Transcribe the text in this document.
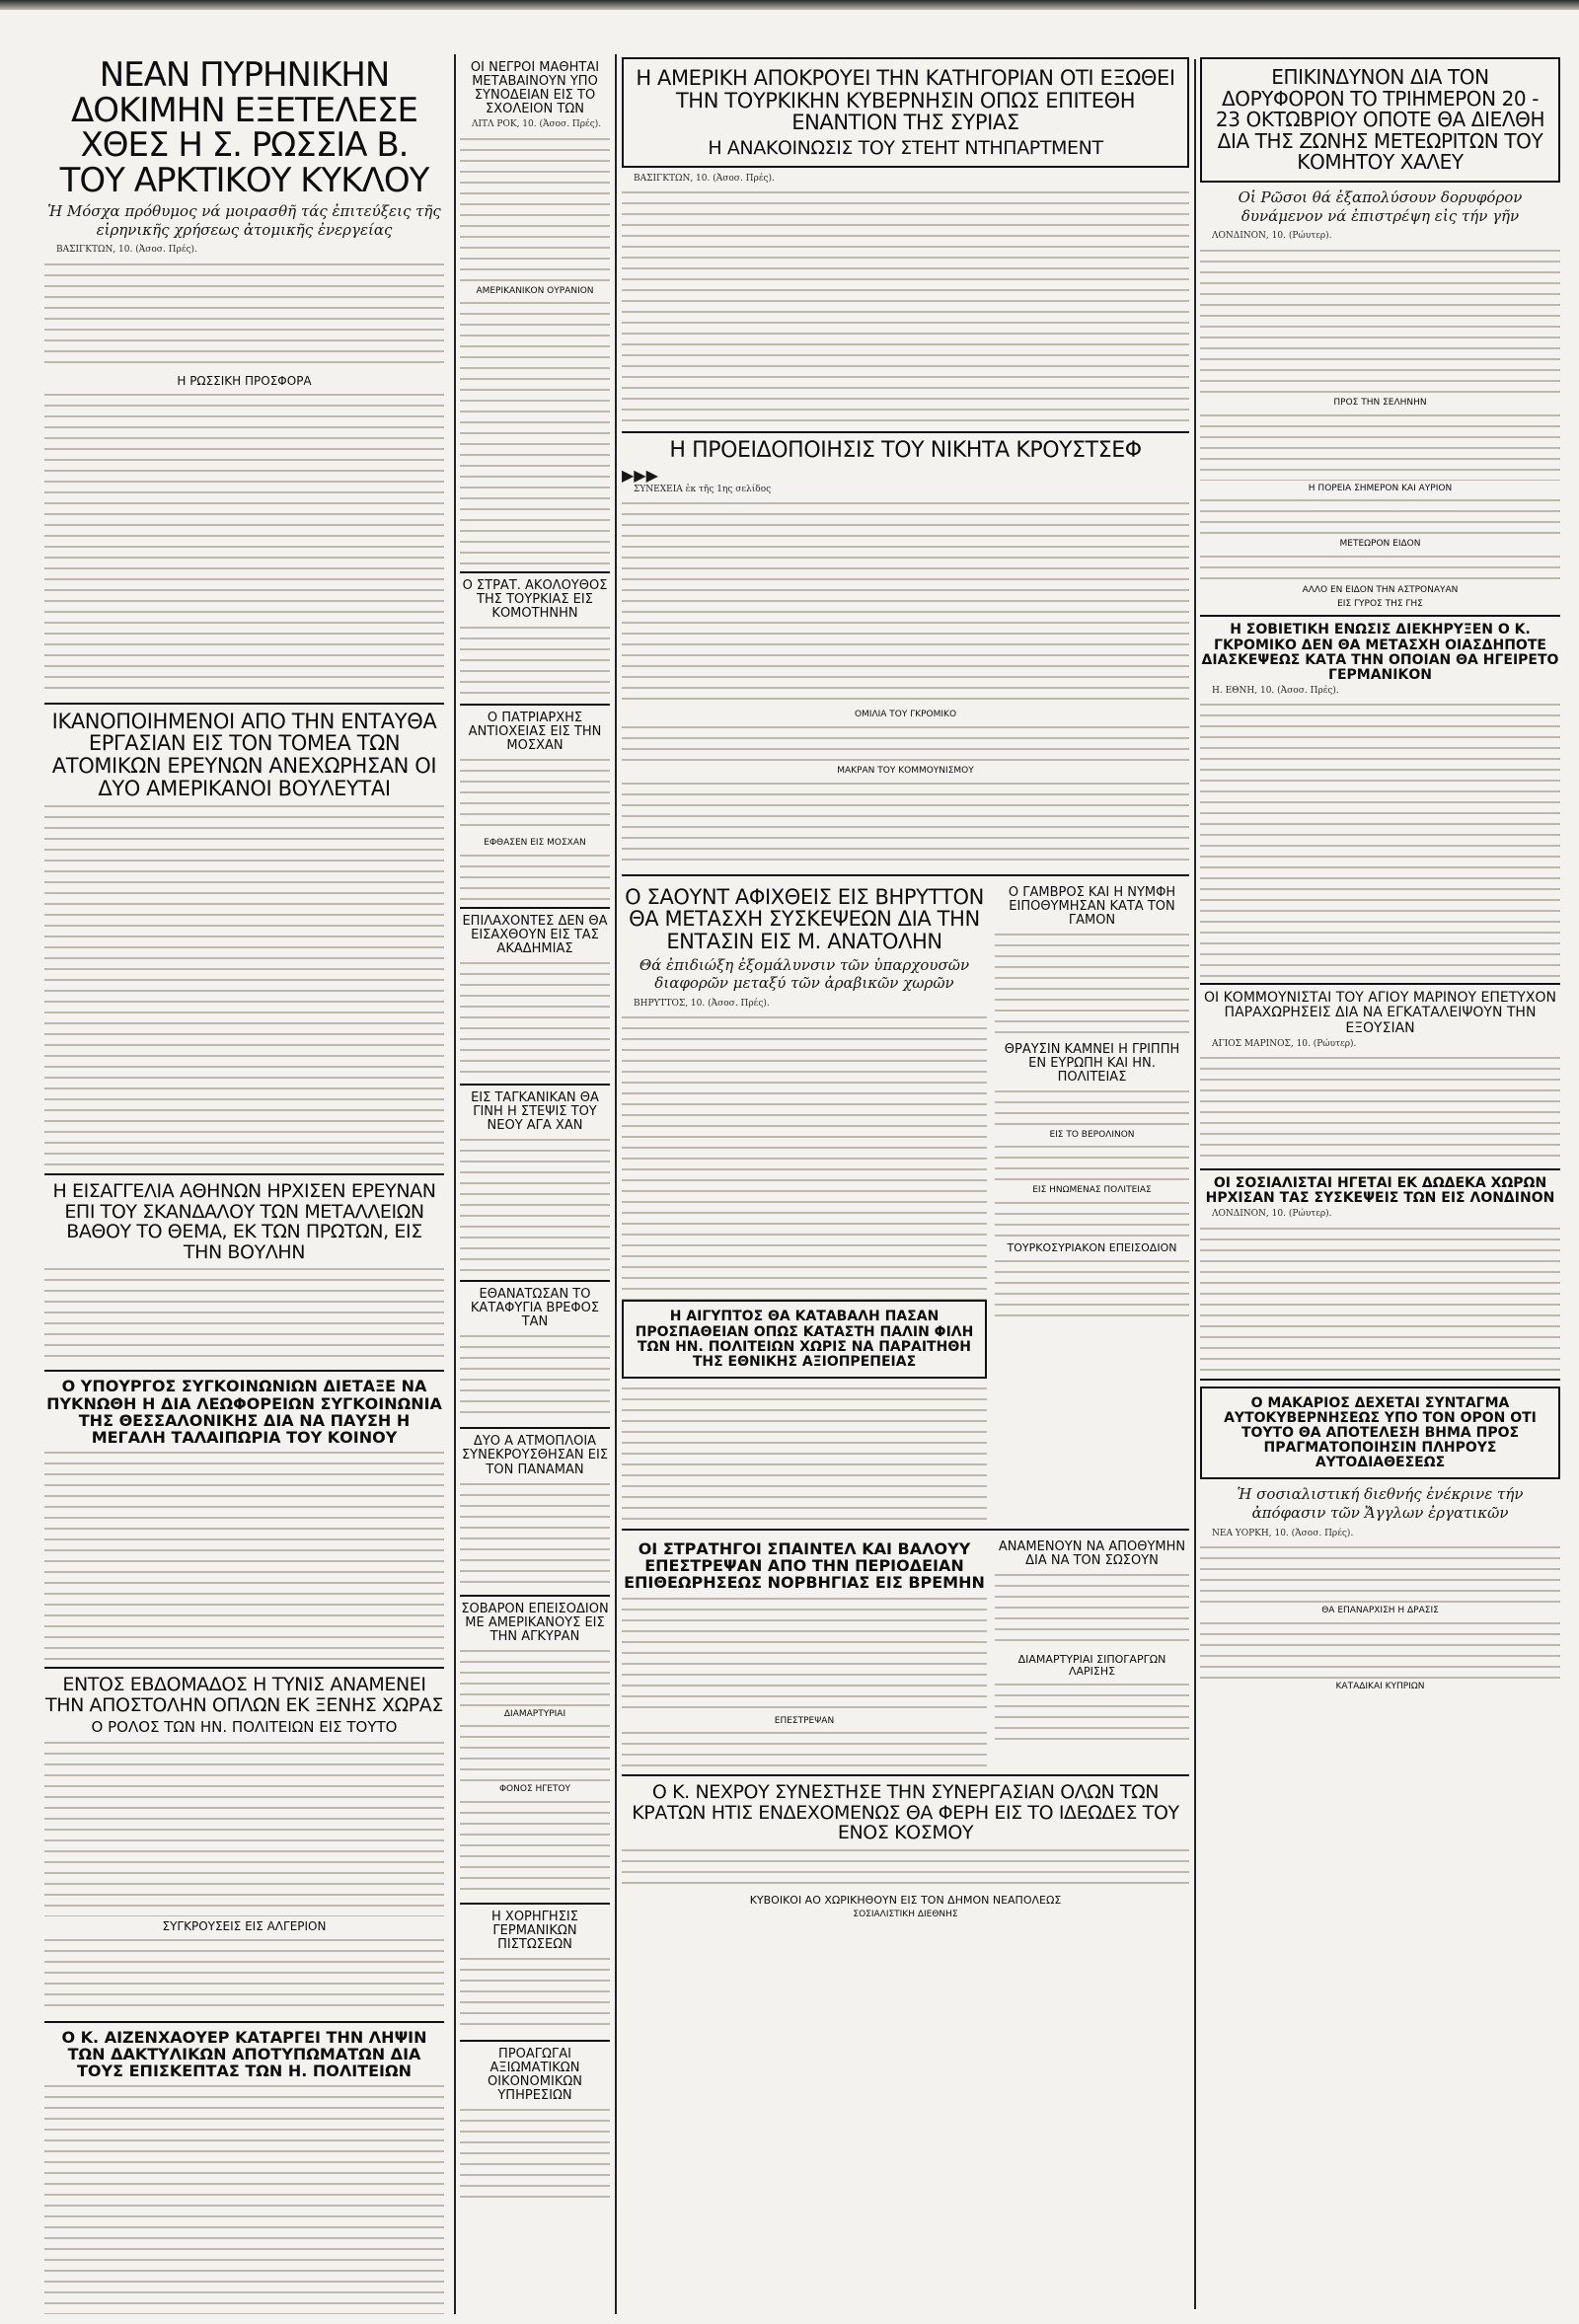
ΝΕΑΝ ΠΥΡΗΝΙΚΗΝ ΔΟΚΙΜΗΝ ΕΞΕΤΕΛΕΣΕ ΧΘΕΣ Η Σ. ΡΩΣΣΙΑ Β. ΤΟΥ ΑΡΚΤΙΚΟΥ ΚΥΚΛΟΥ
Ἡ Μόσχα πρόθυμος νά μοιρασθῆ τάς ἐπιτεύξεις τῆς εἰρηνικῆς χρήσεως ἀτομικῆς ἐνεργείας

ΒΑΣΙΓΚΤΩΝ, 10. (Ἀσοσ. Πρές).

Η ΡΩΣΣΙΚΗ ΠΡΟΣΦΟΡΑ
ΙΚΑΝΟΠΟΙΗΜΕΝΟΙ ΑΠΟ ΤΗΝ ΕΝΤΑΥΘΑ ΕΡΓΑΣΙΑΝ ΕΙΣ ΤΟΝ ΤΟΜΕΑ ΤΩΝ ΑΤΟΜΙΚΩΝ ΕΡΕΥΝΩΝ ΑΝΕΧΩΡΗΣΑΝ ΟΙ ΔΥΟ ΑΜΕΡΙΚΑΝΟΙ ΒΟΥΛΕΥΤΑΙ
Η ΕΙΣΑΓΓΕΛΙΑ ΑΘΗΝΩΝ ΗΡΧΙΣΕΝ ΕΡΕΥΝΑΝ ΕΠΙ ΤΟΥ ΣΚΑΝΔΑΛΟΥ ΤΩΝ ΜΕΤΑΛΛΕΙΩΝ ΒΑΘΟΥ ΤΟ ΘΕΜΑ, ΕΚ ΤΩΝ ΠΡΩΤΩΝ, ΕΙΣ ΤΗΝ ΒΟΥΛΗΝ
Ο ΥΠΟΥΡΓΟΣ ΣΥΓΚΟΙΝΩΝΙΩΝ ΔΙΕΤΑΞΕ ΝΑ ΠΥΚΝΩΘΗ Η ΔΙΑ ΛΕΩΦΟΡΕΙΩΝ ΣΥΓΚΟΙΝΩΝΙΑ ΤΗΣ ΘΕΣΣΑΛΟΝΙΚΗΣ ΔΙΑ ΝΑ ΠΑΥΣΗ Η ΜΕΓΑΛΗ ΤΑΛΑΙΠΩΡΙΑ ΤΟΥ ΚΟΙΝΟΥ
ΕΝΤΟΣ ΕΒΔΟΜΑΔΟΣ Η ΤΥΝΙΣ ΑΝΑΜΕΝΕΙ ΤΗΝ ΑΠΟΣΤΟΛΗΝ ΟΠΛΩΝ ΕΚ ΞΕΝΗΣ ΧΩΡΑΣ
Ο ΡΟΛΟΣ ΤΩΝ ΗΝ. ΠΟΛΙΤΕΙΩΝ ΕΙΣ ΤΟΥΤΟ
ΣΥΓΚΡΟΥΣΕΙΣ ΕΙΣ ΑΛΓΕΡΙΟΝ
Ο Κ. ΑΙΖΕΝΧΑΟΥΕΡ ΚΑΤΑΡΓΕΙ ΤΗΝ ΛΗΨΙΝ ΤΩΝ ΔΑΚΤΥΛΙΚΩΝ ΑΠΟΤΥΠΩΜΑΤΩΝ ΔΙΑ ΤΟΥΣ ΕΠΙΣΚΕΠΤΑΣ ΤΩΝ Η. ΠΟΛΙΤΕΙΩΝ
ΟΙ ΝΕΓΡΟΙ ΜΑΘΗΤΑΙ ΜΕΤΑΒΑΙΝΟΥΝ ΥΠΟ ΣΥΝΟΔΕΙΑΝ ΕΙΣ ΤΟ ΣΧΟΛΕΙΟΝ ΤΩΝ

ΛΙΤΛ ΡΟΚ, 10. (Ἀσοσ. Πρές).

ΑΜΕΡΙΚΑΝΙΚΟΝ ΟΥΡΑΝΙΟΝ
Ο ΣΤΡΑΤ. ΑΚΟΛΟΥΘΟΣ ΤΗΣ ΤΟΥΡΚΙΑΣ ΕΙΣ ΚΟΜΟΤΗΝΗΝ
Ο ΠΑΤΡΙΑΡΧΗΣ ΑΝΤΙΟΧΕΙΑΣ ΕΙΣ ΤΗΝ ΜΟΣΧΑΝ
ΕΦΘΑΣΕΝ ΕΙΣ ΜΟΣΧΑΝ
ΕΠΙΛΑΧΟΝΤΕΣ ΔΕΝ ΘΑ ΕΙΣΑΧΘΟΥΝ ΕΙΣ ΤΑΣ ΑΚΑΔΗΜΙΑΣ
ΕΙΣ ΤΑΓΚΑΝΙΚΑΝ ΘΑ ΓΙΝΗ Η ΣΤΕΨΙΣ ΤΟΥ ΝΕΟΥ ΑΓΑ ΧΑΝ
ΕΘΑΝΑΤΩΣΑΝ ΤΟ ΚΑΤΑΦΥΓΙΑ ΒΡΕΦΟΣ ΤΑΝ
ΔΥΟ Α ΑΤΜΟΠΛΟΙΑ ΣΥΝΕΚΡΟΥΣΘΗΣΑΝ ΕΙΣ ΤΟΝ ΠΑΝΑΜΑΝ
ΣΟΒΑΡΟΝ ΕΠΕΙΣΟΔΙΟΝ ΜΕ ΑΜΕΡΙΚΑΝΟΥΣ ΕΙΣ ΤΗΝ ΑΓΚΥΡΑΝ
ΔΙΑΜΑΡΤΥΡΙΑΙ
ΦΟΝΟΣ ΗΓΕΤΟΥ
Η ΧΟΡΗΓΗΣΙΣ ΓΕΡΜΑΝΙΚΩΝ ΠΙΣΤΩΣΕΩΝ
ΠΡΟΑΓΩΓΑΙ ΑΞΙΩΜΑΤΙΚΩΝ ΟΙΚΟΝΟΜΙΚΩΝ ΥΠΗΡΕΣΙΩΝ
Η ΑΜΕΡΙΚΗ ΑΠΟΚΡΟΥΕΙ ΤΗΝ ΚΑΤΗΓΟΡΙΑΝ ΟΤΙ ΕΞΩΘΕΙ ΤΗΝ ΤΟΥΡΚΙΚΗΝ ΚΥΒΕΡΝΗΣΙΝ ΟΠΩΣ ΕΠΙΤΕΘΗ ΕΝΑΝΤΙΟΝ ΤΗΣ ΣΥΡΙΑΣ
Η ΑΝΑΚΟΙΝΩΣΙΣ ΤΟΥ ΣΤΕΗΤ ΝΤΗΠΑΡΤΜΕΝΤ

ΒΑΣΙΓΚΤΩΝ, 10. (Ἀσοσ. Πρές).

Η ΠΡΟΕΙΔΟΠΟΙΗΣΙΣ ΤΟΥ ΝΙΚΗΤΑ ΚΡΟΥΣΤΣΕΦ
▶▶▶

ΣΥΝΕΧΕΙΑ ἐκ τῆς 1ης σελίδος

ΟΜΙΛΙΑ ΤΟΥ ΓΚΡΟΜΙΚΟ
ΜΑΚΡΑΝ ΤΟΥ ΚΟΜΜΟΥΝΙΣΜΟΥ
Ο ΣΑΟΥΝΤ ΑΦΙΧΘΕΙΣ ΕΙΣ ΒΗΡΥΤΤΟΝ ΘΑ ΜΕΤΑΣΧΗ ΣΥΣΚΕΨΕΩΝ ΔΙΑ ΤΗΝ ΕΝΤΑΣΙΝ ΕΙΣ Μ. ΑΝΑΤΟΛΗΝ
Θά ἐπιδιώξη ἐξομάλυνσιν τῶν ὑπαρχουσῶν διαφορῶν μεταξύ τῶν ἀραβικῶν χωρῶν

ΒΗΡΥΤΤΟΣ, 10. (Ἀσοσ. Πρές).

Η ΑΙΓΥΠΤΟΣ ΘΑ ΚΑΤΑΒΑΛΗ ΠΑΣΑΝ ΠΡΟΣΠΑΘΕΙΑΝ ΟΠΩΣ ΚΑΤΑΣΤΗ ΠΑΛΙΝ ΦΙΛΗ ΤΩΝ ΗΝ. ΠΟΛΙΤΕΙΩΝ ΧΩΡΙΣ ΝΑ ΠΑΡΑΙΤΗΘΗ ΤΗΣ ΕΘΝΙΚΗΣ ΑΞΙΟΠΡΕΠΕΙΑΣ
Ο ΓΑΜΒΡΟΣ ΚΑΙ Η ΝΥΜΦΗ ΕΙΠΟΘΥΜΗΣΑΝ ΚΑΤΑ ΤΟΝ ΓΑΜΟΝ
ΘΡΑΥΣΙΝ ΚΑΜΝΕΙ Η ΓΡΙΠΠΗ ΕΝ ΕΥΡΩΠΗ ΚΑΙ ΗΝ. ΠΟΛΙΤΕΙΑΣ
ΕΙΣ ΤΟ ΒΕΡΟΛΙΝΟΝ
ΕΙΣ ΗΝΩΜΕΝΑΣ ΠΟΛΙΤΕΙΑΣ
ΤΟΥΡΚΟΣΥΡΙΑΚΟΝ ΕΠΕΙΣΟΔΙΟΝ
ΟΙ ΣΤΡΑΤΗΓΟΙ ΣΠΑΙΝΤΕΛ ΚΑΙ ΒΑΛΟΥΥ ΕΠΕΣΤΡΕΨΑΝ ΑΠΟ ΤΗΝ ΠΕΡΙΟΔΕΙΑΝ ΕΠΙΘΕΩΡΗΣΕΩΣ ΝΟΡΒΗΓΙΑΣ ΕΙΣ ΒΡΕΜΗΝ
ΕΠΕΣΤΡΕΨΑΝ
ΑΝΑΜΕΝΟΥΝ ΝΑ ΑΠΟΘΥΜΗΝ ΔΙΑ ΝΑ ΤΟΝ ΣΩΣΟΥΝ
ΔΙΑΜΑΡΤΥΡΙΑΙ ΣΙΠΟΓΑΡΓΩΝ ΛΑΡΙΣΗΣ
Ο Κ. ΝΕΧΡΟΥ ΣΥΝΕΣΤΗΣΕ ΤΗΝ ΣΥΝΕΡΓΑΣΙΑΝ ΟΛΩΝ ΤΩΝ ΚΡΑΤΩΝ ΗΤΙΣ ΕΝΔΕΧΟΜΕΝΩΣ ΘΑ ΦΕΡΗ ΕΙΣ ΤΟ ΙΔΕΩΔΕΣ ΤΟΥ ΕΝΟΣ ΚΟΣΜΟΥ
ΚΥΒΟΙΚΟΙ ΑΟ ΧΩΡΙΚΗΘΟΥΝ ΕΙΣ ΤΟΝ ΔΗΜΟΝ ΝΕΑΠΟΛΕΩΣ
ΣΟΣΙΑΛΙΣΤΙΚΗ ΔΙΕΘΝΗΣ
ΕΠΙΚΙΝΔΥΝΟΝ ΔΙΑ ΤΟΝ ΔΟΡΥΦΟΡΟΝ ΤΟ ΤΡΙΗΜΕΡΟΝ 20 - 23 ΟΚΤΩΒΡΙΟΥ ΟΠΟΤΕ ΘΑ ΔΙΕΛΘΗ ΔΙΑ ΤΗΣ ΖΩΝΗΣ ΜΕΤΕΩΡΙΤΩΝ ΤΟΥ ΚΟΜΗΤΟΥ ΧΑΛΕΥ
Οἱ Ρῶσοι θά ἐξαπολύσουν δορυφόρον δυνάμενον νά ἐπιστρέψη εἰς τήν γῆν

ΛΟΝΔΙΝΟΝ, 10. (Ρώυτερ).

ΠΡΟΣ ΤΗΝ ΣΕΛΗΝΗΝ
Η ΠΟΡΕΙΑ ΣΗΜΕΡΟΝ ΚΑΙ ΑΥΡΙΟΝ
ΜΕΤΕΩΡΟΝ ΕΙΔΟΝ
ΑΛΛΟ ΕΝ ΕΙΔΟΝ ΤΗΝ ΑΣΤΡΟΝΑΥΑΝ
ΕΙΣ ΓΥΡΟΣ ΤΗΣ ΓΗΣ
Η ΣΟΒΙΕΤΙΚΗ ΕΝΩΣΙΣ ΔΙΕΚΗΡΥΞΕΝ Ο Κ. ΓΚΡΟΜΙΚΟ ΔΕΝ ΘΑ ΜΕΤΑΣΧΗ ΟΙΑΣΔΗΠΟΤΕ ΔΙΑΣΚΕΨΕΩΣ ΚΑΤΑ ΤΗΝ ΟΠΟΙΑΝ ΘΑ ΗΓΕΙΡΕΤΟ ΓΕΡΜΑΝΙΚΟΝ

Η. ΕΘΝΗ, 10. (Ἀσοσ. Πρές).

ΟΙ ΚΟΜΜΟΥΝΙΣΤΑΙ ΤΟΥ ΑΓΙΟΥ ΜΑΡΙΝΟΥ ΕΠΕΤΥΧΟΝ ΠΑΡΑΧΩΡΗΣΕΙΣ ΔΙΑ ΝΑ ΕΓΚΑΤΑΛΕΙΨΟΥΝ ΤΗΝ ΕΞΟΥΣΙΑΝ

ΑΓΙΟΣ ΜΑΡΙΝΟΣ, 10. (Ρώυτερ).

ΟΙ ΣΟΣΙΑΛΙΣΤΑΙ ΗΓΕΤΑΙ ΕΚ ΔΩΔΕΚΑ ΧΩΡΩΝ ΗΡΧΙΣΑΝ ΤΑΣ ΣΥΣΚΕΨΕΙΣ ΤΩΝ ΕΙΣ ΛΟΝΔΙΝΟΝ

ΛΟΝΔΙΝΟΝ, 10. (Ρώυτερ).

Ο ΜΑΚΑΡΙΟΣ ΔΕΧΕΤΑΙ ΣΥΝΤΑΓΜΑ ΑΥΤΟΚΥΒΕΡΝΗΣΕΩΣ ΥΠΟ ΤΟΝ ΟΡΟΝ ΟΤΙ ΤΟΥΤΟ ΘΑ ΑΠΟΤΕΛΕΣΗ ΒΗΜΑ ΠΡΟΣ ΠΡΑΓΜΑΤΟΠΟΙΗΣΙΝ ΠΛΗΡΟΥΣ ΑΥΤΟΔΙΑΘΕΣΕΩΣ
Ἡ σοσιαλιστική διεθνής ἐνέκρινε τήν ἀπόφασιν τῶν Ἄγγλων ἐργατικῶν

ΝΕΑ ΥΟΡΚΗ, 10. (Ἀσοσ. Πρές).

ΘΑ ΕΠΑΝΑΡΧΙΣΗ Η ΔΡΑΣΙΣ
ΚΑΤΑΔΙΚΑΙ ΚΥΠΡΙΩΝ
